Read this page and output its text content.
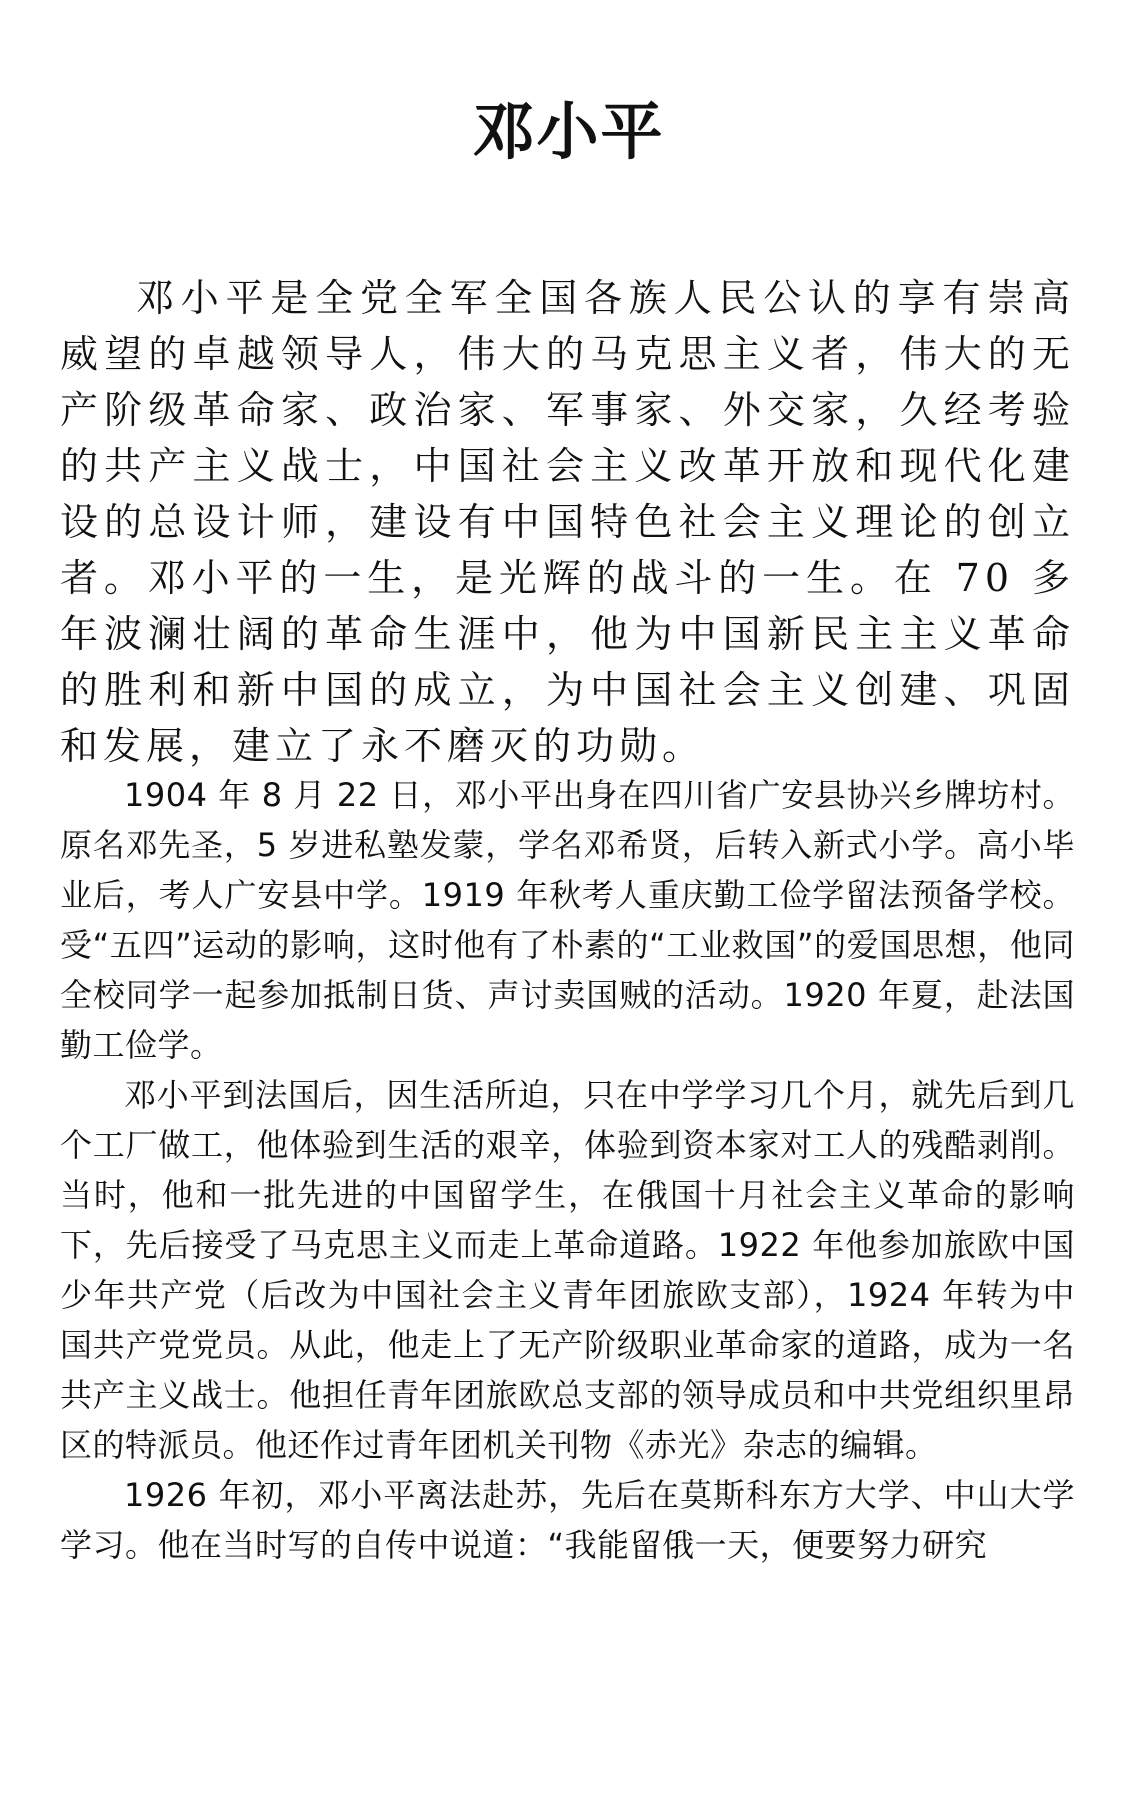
邓小平

邓小平是全党全军全国各族人民公认的享有崇高威望的卓越领导人，伟大的马克思主义者，伟大的无产阶级革命家、政治家、军事家、外交家，久经考验的共产主义战士，中国社会主义改革开放和现代化建设的总设计师，建设有中国特色社会主义理论的创立者。邓小平的一生，是光辉的战斗的一生。在 70 多年波澜壮阔的革命生涯中，他为中国新民主主义革命的胜利和新中国的成立，为中国社会主义创建、巩固和发展，建立了永不磨灭的功勋。

1904 年 8 月 22 日，邓小平出身在四川省广安县协兴乡牌坊村。原名邓先圣，5 岁进私塾发蒙，学名邓希贤，后转入新式小学。高小毕业后，考人广安县中学。1919 年秋考人重庆勤工俭学留法预备学校。受“五四”运动的影响，这时他有了朴素的“工业救国”的爱国思想，他同全校同学一起参加抵制日货、声讨卖国贼的活动。1920 年夏，赴法国勤工俭学。

邓小平到法国后，因生活所迫，只在中学学习几个月，就先后到几个工厂做工，他体验到生活的艰辛，体验到资本家对工人的残酷剥削。当时，他和一批先进的中国留学生，在俄国十月社会主义革命的影响下，先后接受了马克思主义而走上革命道路。1922 年他参加旅欧中国少年共产党（后改为中国社会主义青年团旅欧支部），1924 年转为中国共产党党员。从此，他走上了无产阶级职业革命家的道路，成为一名共产主义战士。他担任青年团旅欧总支部的领导成员和中共党组织里昂区的特派员。他还作过青年团机关刊物《赤光》杂志的编辑。

1926 年初，邓小平离法赴苏，先后在莫斯科东方大学、中山大学学习。他在当时写的自传中说道：“我能留俄一天，便要努力研究
